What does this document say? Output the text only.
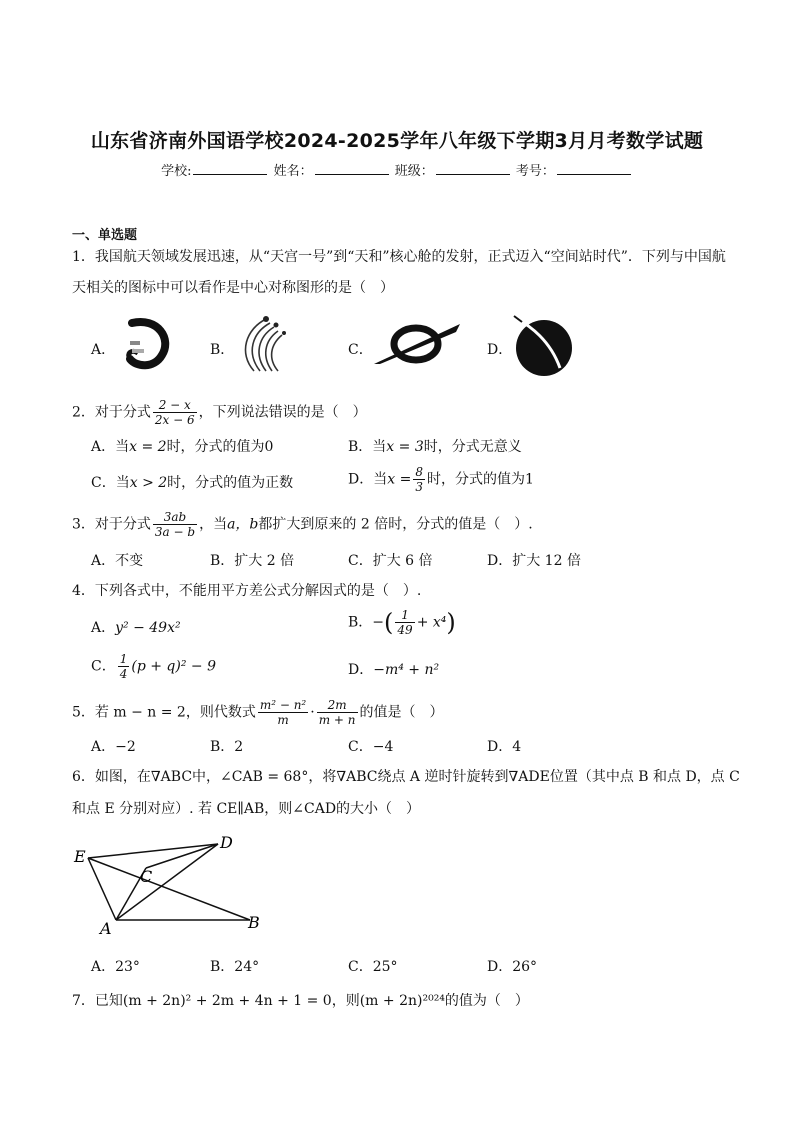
山东省济南外国语学校2024-2025学年八年级下学期3月月考数学试题
学校:	姓名：	班级：	考号：
一、单选题
1．我国航天领域发展迅速，从“天宫一号”到“天和”核心舱的发射，正式迈入“空间站时代”．下列与中国航
天相关的图标中可以看作是中心对称图形的是（　）
A．	B．	C．	D．
2．对于分式 $\frac{2 - x}{2x - 6}$ ，下列说法错误的是（　）
A．当x = 2时，分式的值为0	B．当x = 3时，分式无意义
C．当x > 2时，分式的值为正数	D．当$x = \frac{8}{3}$ 时，分式的值为1
3．对于分式 $\frac{3ab}{3a - b}$ ，当a，b都扩大到原来的 2 倍时，分式的值是（　）.
A．不变	B．扩大 2 倍	C．扩大 6 倍	D．扩大 12 倍
4．下列各式中，不能用平方差公式分解因式的是（　）.
A．y² − 49x²	B．−( $\frac{1}{49} + x^4$)
C． $\frac{1}{4} (p + q)^2 - 9$	D．−m⁴ + n²
5．若 m − n = 2，则代数式 $\frac{\text{m² − n²}}{m} \cdot \frac{2m}{m + n}$ 的值是（　）
A．−2	B．2	C．−4	D．4
6．如图，在∇ABC中，∠CAB = 68°，将∇ABC绕点 A 逆时针旋转到∇ADE位置（其中点 B 和点 D，点 C
和点 E 分别对应）. 若 CE∥AB，则∠CAD的大小（　）
E
D
C
A	B
A．23°	B．24°	C．25°	D．26°
7．已知(m + 2n)² + 2m + 4n + 1 = 0，则(m + 2n)²⁰²⁴的值为（　）
